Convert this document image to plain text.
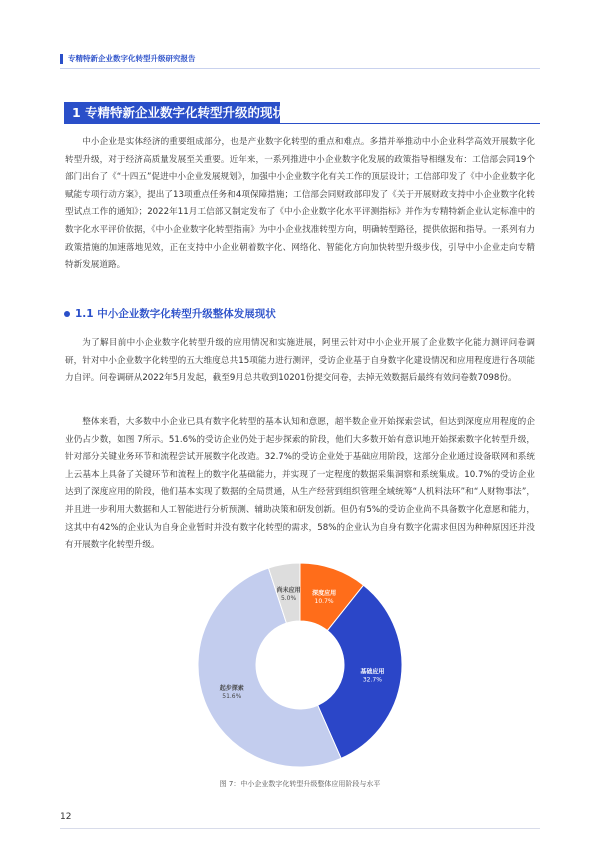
专精特新企业数字化转型升级研究报告
1 专精特新企业数字化转型升级的现状

中小企业是实体经济的重要组成部分，也是产业数字化转型的重点和难点。多措并举推动中小企业科学高效开展数字化转型升级，对于经济高质量发展至关重要。近年来，一系列推进中小企业数字化发展的政策指导相继发布：工信部会同19个部门出台了《“十四五”促进中小企业发展规划》，加强中小企业数字化有关工作的顶层设计；工信部印发了《中小企业数字化赋能专项行动方案》，提出了13项重点任务和4项保障措施；工信部会同财政部印发了《关于开展财政支持中小企业数字化转型试点工作的通知》；2022年11月工信部又制定发布了《中小企业数字化水平评测指标》并作为专精特新企业认定标准中的数字化水平评价依据，《中小企业数字化转型指南》为中小企业找准转型方向，明确转型路径，提供依据和指导。一系列有力政策措施的加速落地见效，正在支持中小企业朝着数字化、网络化、智能化方向加快转型升级步伐，引导中小企业走向专精特新发展道路。

1.1 中小企业数字化转型升级整体发展现状

为了解目前中小企业数字化转型升级的应用情况和实施进展，阿里云针对中小企业开展了企业数字化能力测评问卷调研，针对中小企业数字化转型的五大维度总共15项能力进行测评，受访企业基于自身数字化建设情况和应用程度进行各项能力自评。问卷调研从2022年5月发起，截至9月总共收到10201份提交问卷，去掉无效数据后最终有效问卷数7098份。

整体来看，大多数中小企业已具有数字化转型的基本认知和意愿，超半数企业开始探索尝试，但达到深度应用程度的企业仍占少数，如图 7所示。51.6%的受访企业仍处于起步探索的阶段，他们大多数开始有意识地开始探索数字化转型升级，针对部分关键业务环节和流程尝试开展数字化改造。32.7%的受访企业处于基础应用阶段，这部分企业通过设备联网和系统上云基本上具备了关键环节和流程上的数字化基础能力，并实现了一定程度的数据采集洞察和系统集成。10.7%的受访企业达到了深度应用的阶段，他们基本实现了数据的全局贯通，从生产经营到组织管理全域统筹“人机料法环”和“人财物事法”，并且进一步利用大数据和人工智能进行分析预测、辅助决策和研发创新。但仍有5%的受访企业尚不具备数字化意愿和能力，这其中有42%的企业认为自身企业暂时并没有数字化转型的需求，58%的企业认为自身有数字化需求但因为种种原因还并没有开展数字化转型升级。

深度应用
10.7%
基础应用
32.7%
起步探索
51.6%
尚未应用
5.0%
图 7：中小企业数字化转型升级整体应用阶段与水平
12
